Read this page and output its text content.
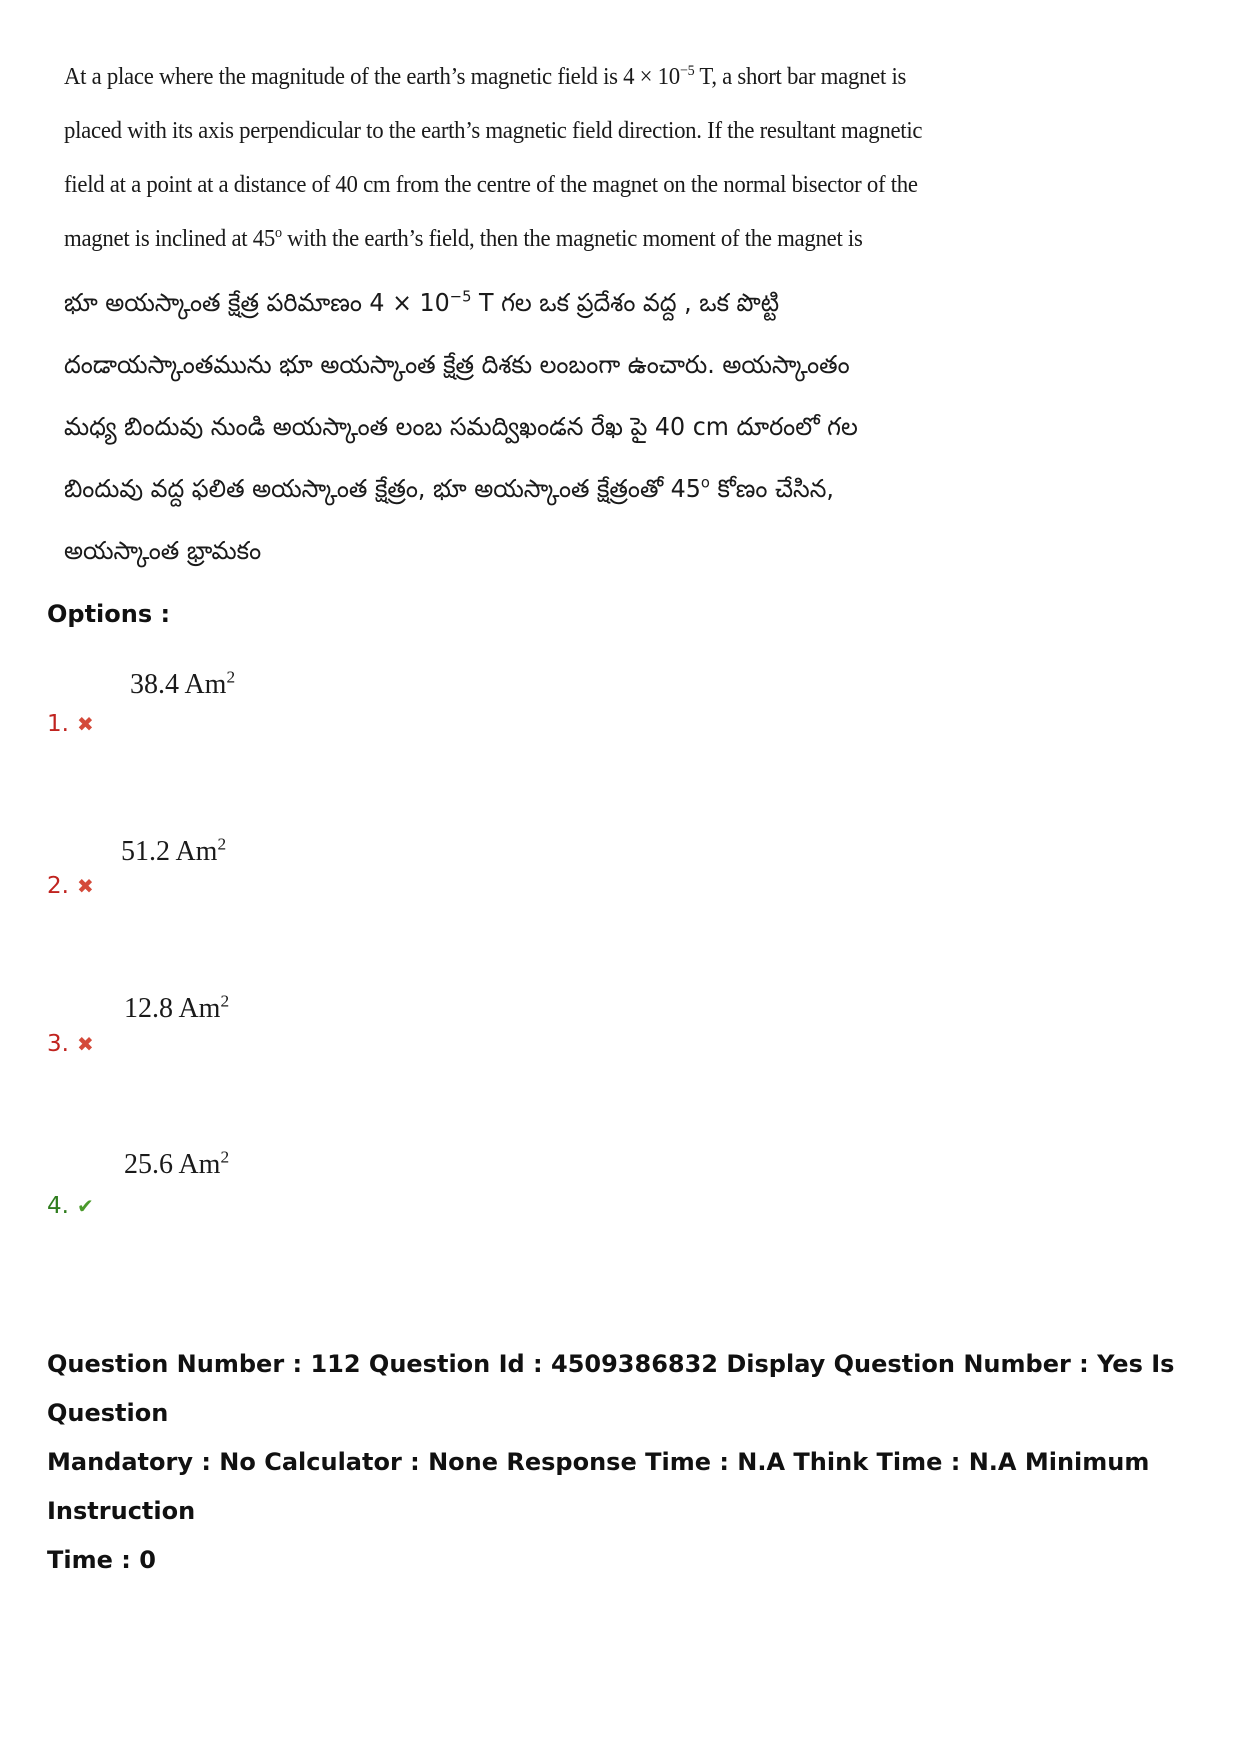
At a place where the magnitude of the earth’s magnetic field is $4 \times 10^{-5}$ T, a short bar magnet is

placed with its axis perpendicular to the earth’s magnetic field direction. If the resultant magnetic

field at a point at a distance of 40 cm from the centre of the magnet on the normal bisector of the

magnet is inclined at 45$^o$ with the earth’s field, then the magnetic moment of the magnet is

భూ అయస్కాంత క్షేత్ర పరిమాణం $4 \times 10^{-5}$ T గల ఒక ప్రదేశం వద్ద , ఒక పొట్టి

దండాయస్కాంతమును భూ అయస్కాంత క్షేత్ర దిశకు లంబంగా ఉంచారు. అయస్కాంతం

మధ్య బిందువు నుండి అయస్కాంత లంబ సమద్విఖండన రేఖ పై 40 cm దూరంలో గల

బిందువు వద్ద ఫలిత అయస్కాంత క్షేత్రం, భూ అయస్కాంత క్షేత్రంతో 45$^o$ కోణం చేసిన,

అయస్కాంత భ్రామకం

Options :
1. ✖
38.4 Am$^2$
2. ✖
51.2 Am$^2$
3. ✖
12.8 Am$^2$
4. ✔
25.6 Am$^2$
Question Number : 112 Question Id : 4509386832 Display Question Number : Yes Is Question
Mandatory : No Calculator : None Response Time : N.A Think Time : N.A Minimum Instruction
Time : 0
